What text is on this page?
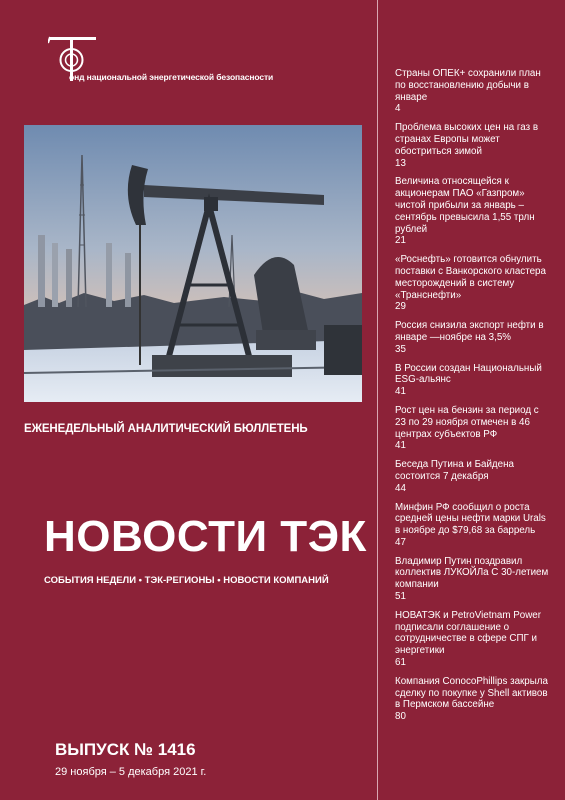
онд национальной энергетической безопасности
ЕЖЕНЕДЕЛЬНЫЙ АНАЛИТИЧЕСКИЙ БЮЛЛЕТЕНЬ
НОВОСТИ ТЭК
СОБЫТИЯ НЕДЕЛИ • ТЭК-РЕГИОНЫ • НОВОСТИ КОМПАНИЙ
ВЫПУСК № 1416
29 ноября – 5 декабря 2021 г.
Страны ОПЕК+ сохранили план по восстановлению добычи в январе
4
Проблема высоких цен на газ в странах Европы может обостриться зимой
13
Величина относящейся к акционерам ПАО «Газпром» чистой прибыли за январь – сентябрь превысила 1,55 трлн рублей
21
«Роснефть» готовится обнулить поставки с Ванкорского кластера месторождений в систему «Транснефти»
29
Россия снизила экспорт нефти в январе —ноябре на 3,5%
35
В России создан Национальный ESG-альянс
41
Рост цен на бензин за период с 23 по 29 ноября отмечен в 46 центрах субъектов РФ
41
Беседа Путина и Байдена состоится 7 декабря
44
Минфин РФ сообщил о роста средней цены нефти марки Urals в ноябре до $79,68 за баррель
47
Владимир Путин поздравил коллектив ЛУКОЙЛа С 30-летием компании
51
НОВАТЭК и PetroVietnam Power подписали соглашение о сотрудничестве в сфере СПГ и энергетики
61
Компания ConocoPhillips закрыла сделку по покупке у Shell активов в Пермском бассейне
80
